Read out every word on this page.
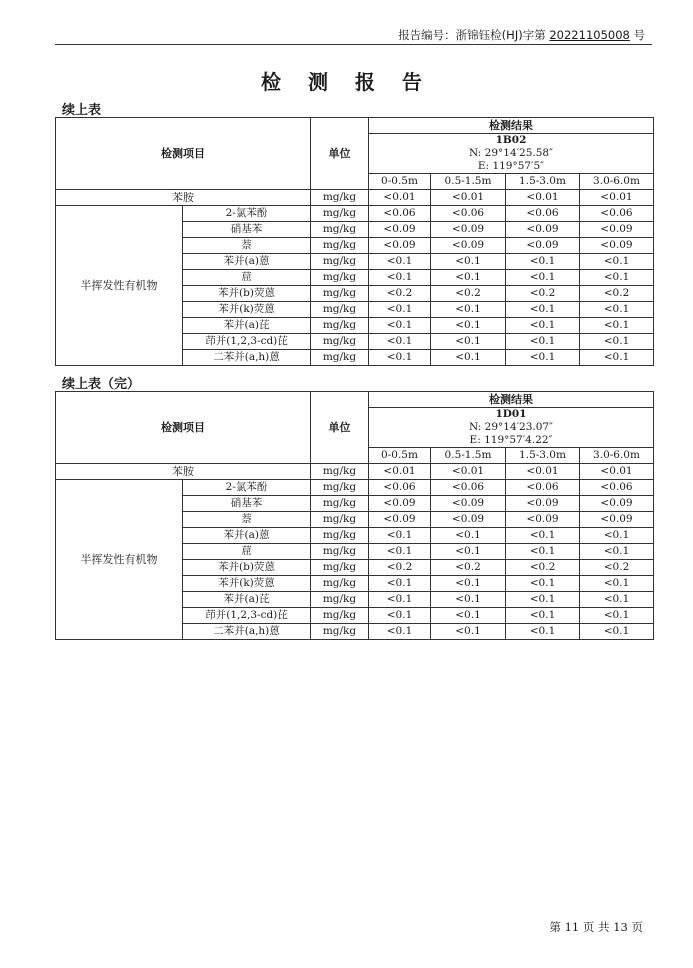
报告编号：浙锦钰检(HJ)字第 20221105008 号
检 测 报 告
续上表
检测项目		单位	检测结果			

			1B02
N: 29°14′25.58″
E: 119°57′5″			

			0-0.5m	0.5-1.5m	1.5-3.0m	3.0-6.0m

苯胺		mg/kg	<0.01	<0.01	<0.01	<0.01
半挥发性有机物	2-氯苯酚	mg/kg	<0.06	<0.06	<0.06	<0.06
	硝基苯	mg/kg	<0.09	<0.09	<0.09	<0.09
	萘	mg/kg	<0.09	<0.09	<0.09	<0.09
	苯并(a)蒽	mg/kg	<0.1	<0.1	<0.1	<0.1
	䓛	mg/kg	<0.1	<0.1	<0.1	<0.1
	苯并(b)荧蒽	mg/kg	<0.2	<0.2	<0.2	<0.2
	苯并(k)荧蒽	mg/kg	<0.1	<0.1	<0.1	<0.1
	苯并(a)芘	mg/kg	<0.1	<0.1	<0.1	<0.1
	茚并(1,2,3-cd)芘	mg/kg	<0.1	<0.1	<0.1	<0.1
	二苯并(a,h)蒽	mg/kg	<0.1	<0.1	<0.1	<0.1
续上表（完）
检测项目		单位	检测结果			

			1D01
N: 29°14′23.07″
E: 119°57′4.22″			

			0-0.5m	0.5-1.5m	1.5-3.0m	3.0-6.0m

苯胺		mg/kg	<0.01	<0.01	<0.01	<0.01
半挥发性有机物	2-氯苯酚	mg/kg	<0.06	<0.06	<0.06	<0.06
	硝基苯	mg/kg	<0.09	<0.09	<0.09	<0.09
	萘	mg/kg	<0.09	<0.09	<0.09	<0.09
	苯并(a)蒽	mg/kg	<0.1	<0.1	<0.1	<0.1
	䓛	mg/kg	<0.1	<0.1	<0.1	<0.1
	苯并(b)荧蒽	mg/kg	<0.2	<0.2	<0.2	<0.2
	苯并(k)荧蒽	mg/kg	<0.1	<0.1	<0.1	<0.1
	苯并(a)芘	mg/kg	<0.1	<0.1	<0.1	<0.1
	茚并(1,2,3-cd)芘	mg/kg	<0.1	<0.1	<0.1	<0.1
	二苯并(a,h)蒽	mg/kg	<0.1	<0.1	<0.1	<0.1
第 11 页 共 13 页
